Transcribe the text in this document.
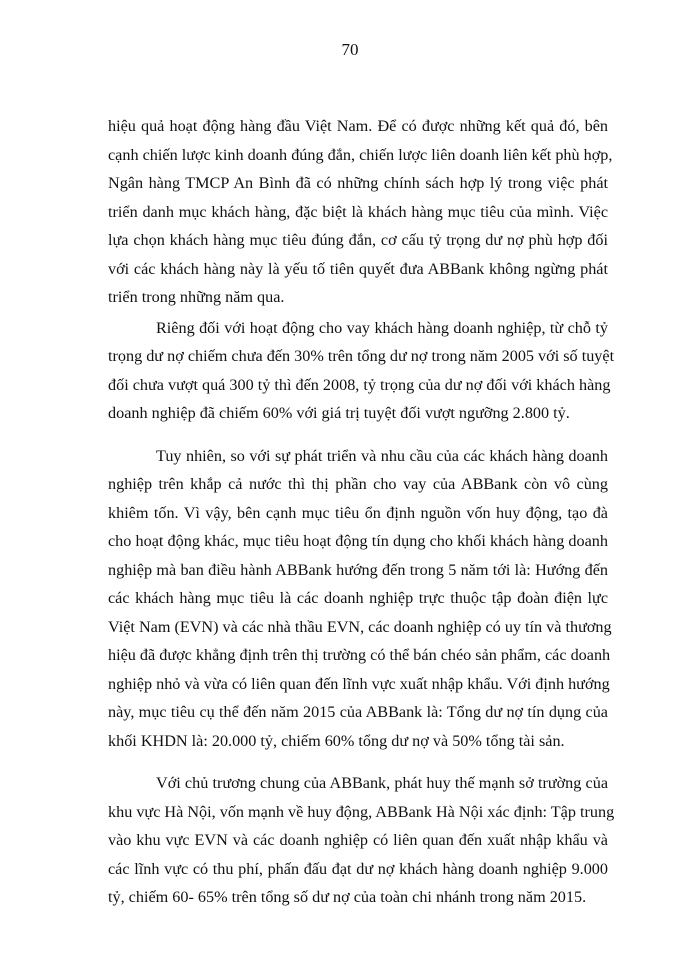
70

hiệu quả hoạt động hàng đầu Việt Nam. Để có được những kết quả đó, bên
cạnh chiến lược kinh doanh đúng đắn, chiến lược liên doanh liên kết phù hợp,
Ngân hàng TMCP An Bình đã có những chính sách hợp lý trong việc phát
triển danh mục khách hàng, đặc biệt là khách hàng mục tiêu của mình. Việc
lựa chọn khách hàng mục tiêu đúng đắn, cơ cấu tỷ trọng dư nợ phù hợp đối
với các khách hàng này là yếu tố tiên quyết đưa ABBank không ngừng phát
triển trong những năm qua.

Riêng đối với hoạt động cho vay khách hàng doanh nghiệp, từ chỗ tỷ
trọng dư nợ chiếm chưa đến 30% trên tổng dư nợ trong năm 2005 với số tuyệt
đối chưa vượt quá 300 tỷ thì đến 2008, tỷ trọng của dư nợ đối với khách hàng
doanh nghiệp đã chiếm 60% với giá trị tuyệt đối vượt ngưỡng 2.800 tỷ.

Tuy nhiên, so với sự phát triển và nhu cầu của các khách hàng doanh
nghiệp trên khắp cả nước thì thị phần cho vay của ABBank còn vô cùng
khiêm tốn. Vì vậy, bên cạnh mục tiêu ổn định nguồn vốn huy động, tạo đà
cho hoạt động khác, mục tiêu hoạt động tín dụng cho khối khách hàng doanh
nghiệp mà ban điều hành ABBank hướng đến trong 5 năm tới là: Hướng đến
các khách hàng mục tiêu là các doanh nghiệp trực thuộc tập đoàn điện lực
Việt Nam (EVN) và các nhà thầu EVN, các doanh nghiệp có uy tín và thương
hiệu đã được khẳng định trên thị trường có thể bán chéo sản phẩm, các doanh
nghiệp nhỏ và vừa có liên quan đến lĩnh vực xuất nhập khẩu. Với định hướng
này, mục tiêu cụ thể đến năm 2015 của ABBank là: Tổng dư nợ tín dụng của
khối KHDN là: 20.000 tỷ, chiếm 60% tổng dư nợ và 50% tổng tài sản.

Với chủ trương chung của ABBank, phát huy thế mạnh sở trường của
khu vực Hà Nội, vốn mạnh về huy động, ABBank Hà Nội xác định: Tập trung
vào khu vực EVN và các doanh nghiệp có liên quan đến xuất nhập khẩu và
các lĩnh vực có thu phí, phấn đấu đạt dư nợ khách hàng doanh nghiệp 9.000
tỷ, chiếm 60- 65% trên tổng số dư nợ của toàn chi nhánh trong năm 2015.
